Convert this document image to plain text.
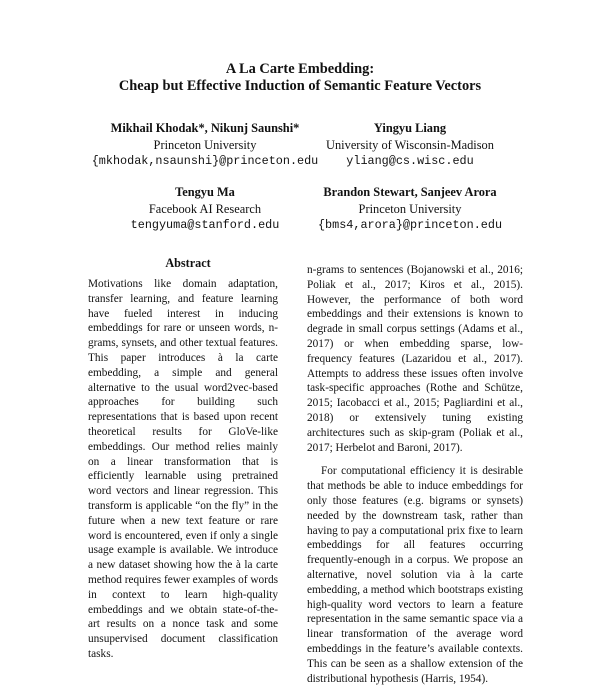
A La Carte Embedding:
Cheap but Effective Induction of Semantic Feature Vectors
Mikhail Khodak*, Nikunj Saunshi*
Princeton University
{mkhodak,nsaunshi}@princeton.edu
Yingyu Liang
University of Wisconsin-Madison
yliang@cs.wisc.edu
Tengyu Ma
Facebook AI Research
tengyuma@stanford.edu
Brandon Stewart, Sanjeev Arora
Princeton University
{bms4,arora}@princeton.edu
Abstract

Motivations like domain adaptation, transfer learning, and feature learning have fueled interest in inducing embeddings for rare or unseen words, n-grams, synsets, and other textual features. This paper introduces à la carte embedding, a simple and general alternative to the usual word2vec-based approaches for building such representations that is based upon recent theoretical results for GloVe-like embeddings. Our method relies mainly on a linear transformation that is efficiently learnable using pretrained word vectors and linear regression. This transform is applicable “on the fly” in the future when a new text feature or rare word is encountered, even if only a single usage example is available. We introduce a new dataset showing how the à la carte method requires fewer examples of words in context to learn high-quality embeddings and we obtain state-of-the-art results on a nonce task and some unsupervised document classification tasks.

n-grams to sentences (Bojanowski et al., 2016; Poliak et al., 2017; Kiros et al., 2015). However, the performance of both word embeddings and their extensions is known to degrade in small corpus settings (Adams et al., 2017) or when embedding sparse, low-frequency features (Lazaridou et al., 2017). Attempts to address these issues often involve task-specific approaches (Rothe and Schütze, 2015; Iacobacci et al., 2015; Pagliardini et al., 2018) or extensively tuning existing architectures such as skip-gram (Poliak et al., 2017; Herbelot and Baroni, 2017).

For computational efficiency it is desirable that methods be able to induce embeddings for only those features (e.g. bigrams or synsets) needed by the downstream task, rather than having to pay a computational prix fixe to learn embeddings for all features occurring frequently-enough in a corpus. We propose an alternative, novel solution via à la carte embedding, a method which bootstraps existing high-quality word vectors to learn a feature representation in the same semantic space via a linear transformation of the average word embeddings in the feature’s available contexts. This can be seen as a shallow extension of the distributional hypothesis (Harris, 1954).
